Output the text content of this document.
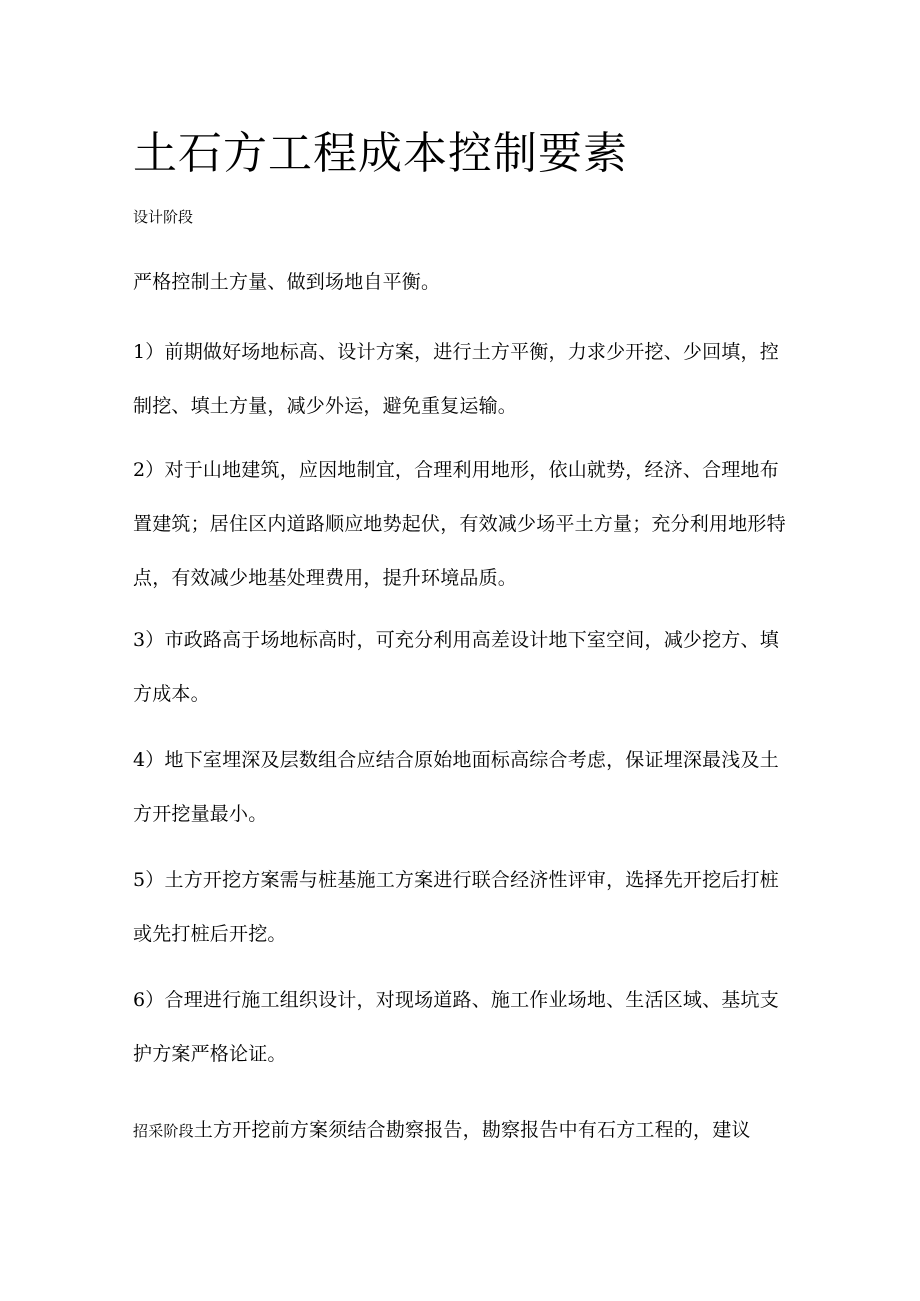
土石方工程成本控制要素

设计阶段

严格控制土方量、做到场地自平衡。

1）前期做好场地标高、设计方案，进行土方平衡，力求少开挖、少回填，控制挖、填土方量，减少外运，避免重复运输。

2）对于山地建筑，应因地制宜，合理利用地形，依山就势，经济、合理地布置建筑；居住区内道路顺应地势起伏，有效减少场平土方量；充分利用地形特点，有效减少地基处理费用，提升环境品质。

3）市政路高于场地标高时，可充分利用高差设计地下室空间，减少挖方、填方成本。

4）地下室埋深及层数组合应结合原始地面标高综合考虑，保证埋深最浅及土方开挖量最小。

5）土方开挖方案需与桩基施工方案进行联合经济性评审，选择先开挖后打桩或先打桩后开挖。

6）合理进行施工组织设计，对现场道路、施工作业场地、生活区域、基坑支护方案严格论证。

招采阶段土方开挖前方案须结合勘察报告，勘察报告中有石方工程的，建议
